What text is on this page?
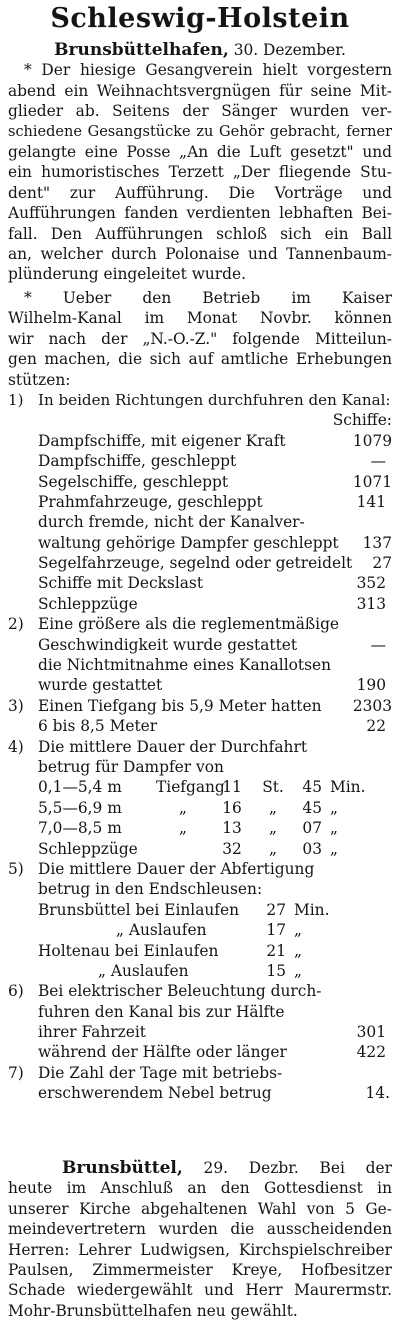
Schleswig-Holstein
Brunsbüttelhafen, 30. Dezember.
* Der hiesige Gesangverein hielt vorgestern
abend ein Weihnachtsvergnügen für seine Mit-
glieder ab. Seitens der Sänger wurden ver-
schiedene Gesangstücke zu Gehör gebracht, ferner
gelangte eine Posse „An die Luft gesetzt" und
ein humoristisches Terzett „Der fliegende Stu-
dent" zur Aufführung. Die Vorträge und
Aufführungen fanden verdienten lebhaften Bei-
fall. Den Aufführungen schloß sich ein Ball
an, welcher durch Polonaise und Tannenbaum-
plünderung eingeleitet wurde.
* Ueber den Betrieb im Kaiser
Wilhelm-Kanal im Monat Novbr. können
wir nach der „N.-O.-Z." folgende Mitteilun-
gen machen, die sich auf amtliche Erhebungen
stützen:
1) In beiden Richtungen durchfuhren den Kanal:
Schiffe:
Dampfschiffe, mit eigener Kraft	1079
Dampfschiffe, geschleppt	—
Segelschiffe, geschleppt	1071
Prahmfahrzeuge, geschleppt	141
durch fremde, nicht der Kanalver-
waltung gehörige Dampfer geschleppt	137
Segelfahrzeuge, segelnd oder getreidelt	27
Schiffe mit Deckslast	352
Schleppzüge	313
2) Eine größere als die reglementmäßige
Geschwindigkeit wurde gestattet	—
die Nichtmitnahme eines Kanallotsen
wurde gestattet	190
3) Einen Tiefgang bis 5,9 Meter hatten	2303
6 bis 8,5 Meter	22
4) Die mittlere Dauer der Durchfahrt
betrug für Dampfer von
0,1—5,4 m Tiefgang11 St. 45 Min.
5,5—6,9 m	„ 16 „ 45 „
7,0—8,5 m	„ 13 „ 07 „
Schleppzüge	32 „ 03 „
5) Die mittlere Dauer der Abfertigung
betrug in den Endschleusen:
Brunsbüttel bei Einlaufen 27 Min.
„ Auslaufen	17 „
Holtenau bei Einlaufen	21 „
„ Auslaufen	15 „
6) Bei elektrischer Beleuchtung durch-
fuhren den Kanal bis zur Hälfte
ihrer Fahrzeit	301
während der Hälfte oder länger	422
7) Die Zahl der Tage mit betriebs-
erschwerendem Nebel betrug	14.
Brunsbüttel, 29. Dezbr. Bei der
heute im Anschluß an den Gottesdienst in
unserer Kirche abgehaltenen Wahl von 5 Ge-
meindevertretern wurden die ausscheidenden
Herren: Lehrer Ludwigsen, Kirchspielschreiber
Paulsen, Zimmermeister Kreye, Hofbesitzer
Schade wiedergewählt und Herr Maurermstr.
Mohr-Brunsbüttelhafen neu gewählt.
